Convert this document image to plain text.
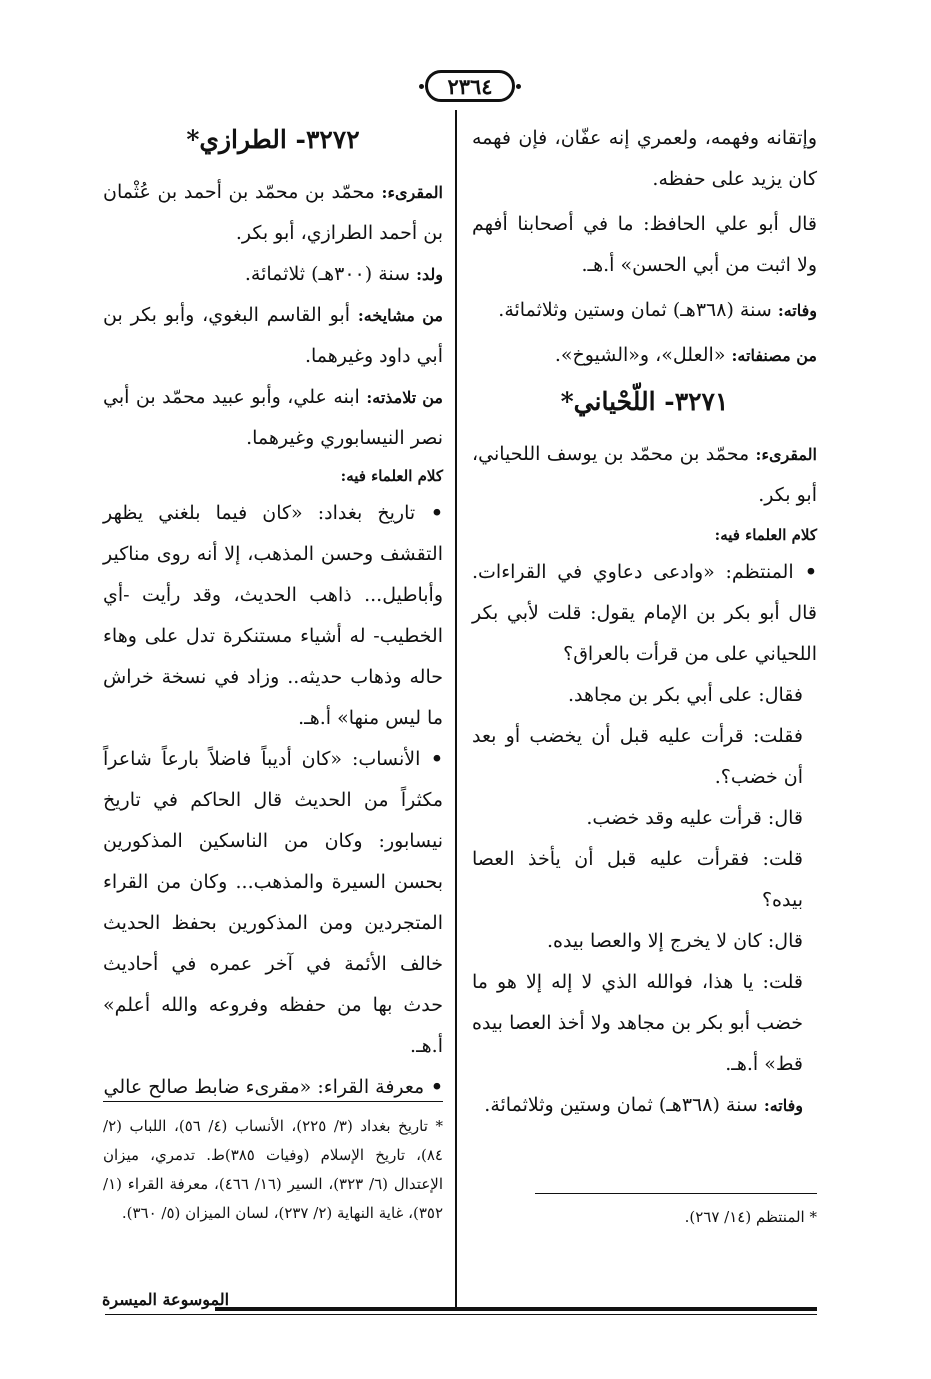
٢٣٦٤

وإتقانه وفهمه، ولعمري إنه عفّان، فإن فهمه كان يزيد على حفظه.

قال أبو علي الحافظ: ما في أصحابنا أفهم ولا اثبت من أبي الحسن» أ.هـ.

وفاته: سنة (٣٦٨هـ) ثمان وستين وثلاثمائة.

من مصنفاته: «العلل»، و«الشيوخ».

٣٢٧١- اللّحْياني*

المقرىء: محمّد بن محمّد بن يوسف اللحياني، أبو بكر.

كلام العلماء فيه:

• المنتظم: «وادعى دعاوي في القراءات. قال أبو بكر بن الإمام يقول: قلت لأبي بكر اللحياني على من قرأت بالعراق؟

فقال: على أبي بكر بن مجاهد.

فقلت: قرأت عليه قبل أن يخضب أو بعد أن خضب؟.

قال: قرأت عليه وقد خضب.

قلت: فقرأت عليه قبل أن يأخذ العصا بيده؟

قال: كان لا يخرج إلا والعصا بيده.

قلت: يا هذا، فوالله الذي لا إله إلا هو ما خضب أبو بكر بن مجاهد ولا أخذ العصا بيده قط» أ.هـ.

وفاته: سنة (٣٦٨هـ) ثمان وستين وثلاثمائة.

* المنتظم (١٤/ ٢٦٧).
٣٢٧٢- الطرازي*

المقرىء: محمّد بن محمّد بن أحمد بن عُثْمان بن أحمد الطرازي، أبو بكر.

ولد: سنة (٣٠٠هـ) ثلاثمائة.

من مشايخه: أبو القاسم البغوي، وأبو بكر بن أبي داود وغيرهما.

من تلامذته: ابنه علي، وأبو عبيد محمّد بن أبي نصر النيسابوري وغيرهما.

كلام العلماء فيه:

• تاريخ بغداد: «كان فيما بلغني يظهر التقشف وحسن المذهب، إلا أنه روى مناكير وأباطيل... ذاهب الحديث، وقد رأيت -أي الخطيب- له أشياء مستنكرة تدل على وهاء حاله وذهاب حديثه.. وزاد في نسخة خراش ما ليس منها» أ.هـ.

• الأنساب: «كان أديباً فاضلاً بارعاً شاعراً مكثراً من الحديث قال الحاكم في تاريخ نيسابور: وكان من الناسكين المذكورين بحسن السيرة والمذهب... وكان من القراء المتجردين ومن المذكورين بحفظ الحديث خالف الأئمة في آخر عمره في أحاديث حدث بها من حفظه وفروعه والله أعلم» أ.هـ.

• معرفة القراء: «مقرىء ضابط صالح عالي

* تاريخ بغداد (٣/ ٢٢٥)، الأنساب (٤/ ٥٦)، اللباب (٢/ ٨٤)، تاريخ الإسلام (وفيات ٣٨٥)ط. تدمري، ميزان الإعتدال (٦/ ٣٢٣)، السير (١٦/ ٤٦٦)، معرفة القراء (١/ ٣٥٢)، غاية النهاية (٢/ ٢٣٧)، لسان الميزان (٥/ ٣٦٠).
الموسوعة الميسرة
